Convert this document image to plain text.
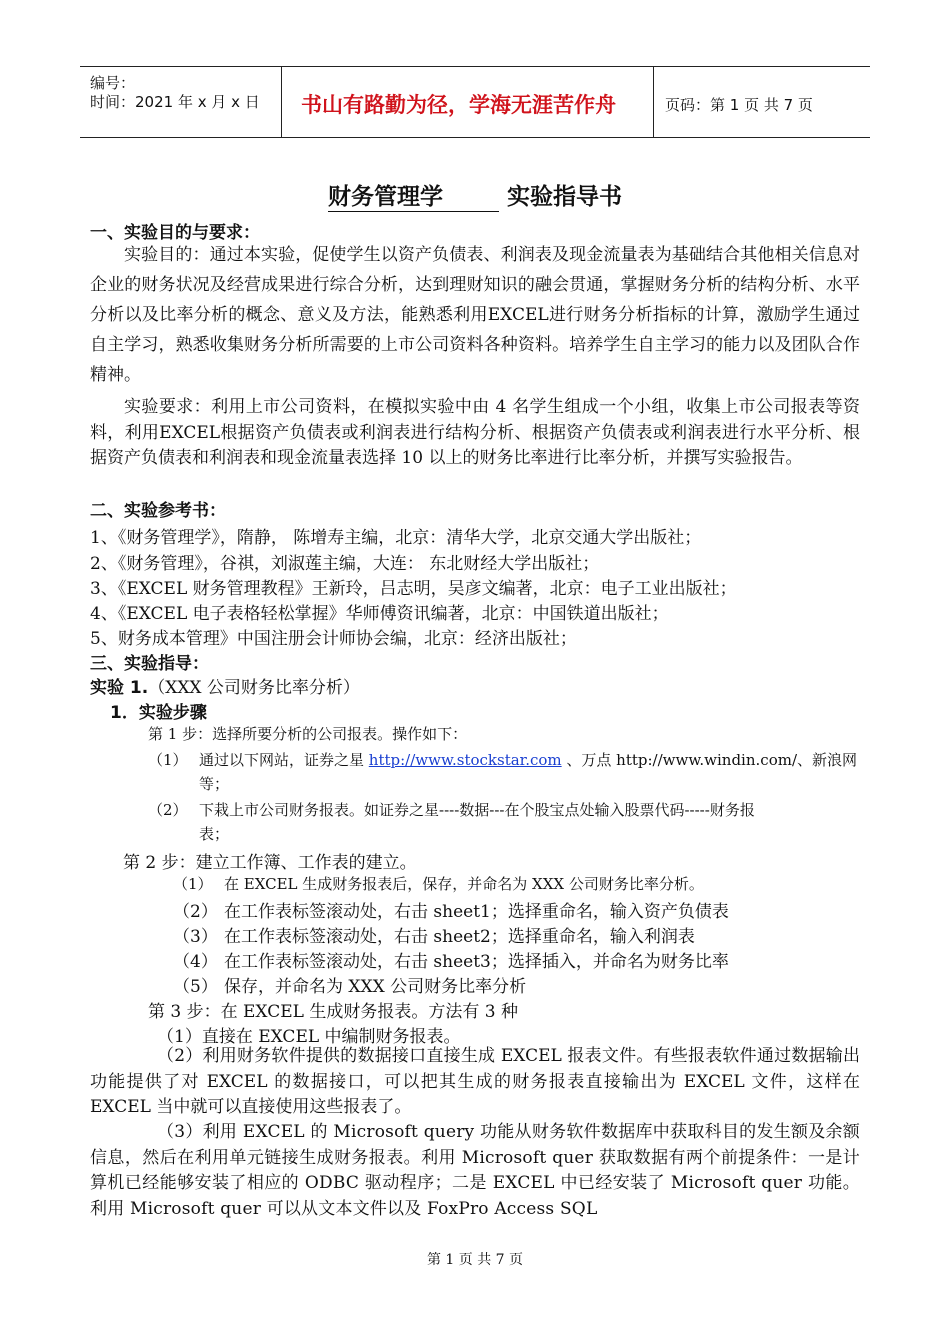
编号：
时间：2021 年 x 月 x 日 书山有路勤为径，学海无涯苦作舟	页码：第 1 页 共 7 页
财务管理学	实验指导书
一、实验目的与要求：
实验目的：通过本实验，促使学生以资产负债表、利润表及现金流量表为基础结合其他相关信息对企业的财务状况及经营成果进行综合分析，达到理财知识的融会贯通，掌握财务分析的结构分析、水平分析以及比率分析的概念、意义及方法，能熟悉利用EXCEL进行财务分析指标的计算，激励学生通过自主学习，熟悉收集财务分析所需要的上市公司资料各种资料。培养学生自主学习的能力以及团队合作精神。
实验要求：利用上市公司资料，在模拟实验中由 4 名学生组成一个小组，收集上市公司报表等资料，利用EXCEL根据资产负债表或利润表进行结构分析、根据资产负债表或利润表进行水平分析、根据资产负债表和利润表和现金流量表选择 10 以上的财务比率进行比率分析，并撰写实验报告。
二、实验参考书：
1、《财务管理学》，隋静， 陈增寿主编，北京：清华大学，北京交通大学出版社；
2、《财务管理》，谷祺，刘淑莲主编，大连： 东北财经大学出版社；
3、《EXCEL 财务管理教程》王新玲，吕志明，吴彦文编著，北京：电子工业出版社；
4、《EXCEL 电子表格轻松掌握》华师傅资讯编著，北京：中国铁道出版社；
5、财务成本管理》中国注册会计师协会编，北京：经济出版社；
三、实验指导：
实验 1.（XXX 公司财务比率分析）
1．实验步骤
第 1 步：选择所要分析的公司报表。操作如下：
（1） 通过以下网站，证券之星 http://www.stockstar.com 、万点 http://www.windin.com/、新浪网
等；
（2） 下栽上市公司财务报表。如证券之星----数据---在个股宝点处输入股票代码-----财务报
表；
第 2 步：建立工作簿、工作表的建立。
（1） 在 EXCEL 生成财务报表后，保存，并命名为 XXX 公司财务比率分析。
（2） 在工作表标签滚动处，右击 sheet1；选择重命名，输入资产负债表
（3） 在工作表标签滚动处，右击 sheet2；选择重命名，输入利润表
（4） 在工作表标签滚动处，右击 sheet3；选择插入，并命名为财务比率
（5） 保存，并命名为 XXX 公司财务比率分析
第 3 步：在 EXCEL 生成财务报表。方法有 3 种
（1）直接在 EXCEL 中编制财务报表。
（2）利用财务软件提供的数据接口直接生成 EXCEL 报表文件。有些报表软件通过数据输出功能提供了对 EXCEL 的数据接口，可以把其生成的财务报表直接输出为 EXCEL 文件，这样在 EXCEL 当中就可以直接使用这些报表了。
（3）利用 EXCEL 的 Microsoft query 功能从财务软件数据库中获取科目的发生额及余额信息，然后在利用单元链接生成财务报表。利用 Microsoft quer 获取数据有两个前提条件：一是计算机已经能够安装了相应的 ODBC 驱动程序；二是 EXCEL 中已经安装了 Microsoft quer 功能。利用 Microsoft quer 可以从文本文件以及 FoxPro Access SQL
第 1 页 共 7 页
